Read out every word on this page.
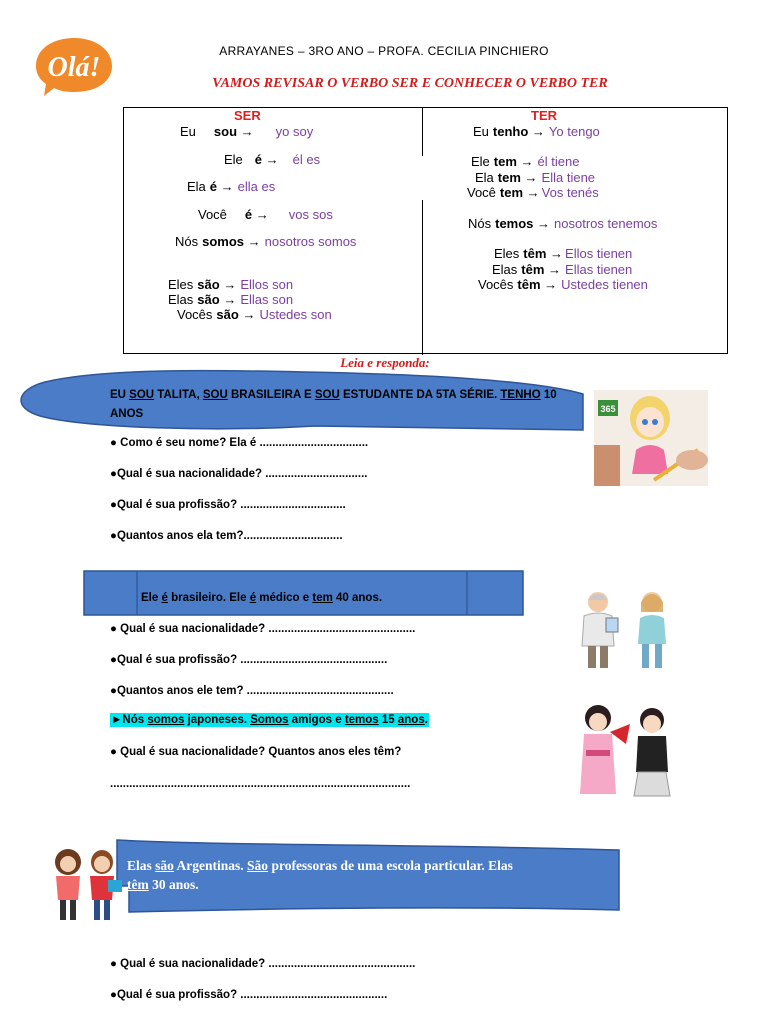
Olá!
ARRAYANES – 3RO ANO – PROFA. CECILIA PINCHIERO
VAMOS REVISAR O VERBO SER E CONHECER O VERBO TER
SER	TER
Eu sou → yo soy
Ele é → él es
Ela é → ella es
Você é → vos sos
Nós somos → nosotros somos
Eles são → Ellos son
Elas são → Ellas son
Vocês são → Ustedes son
Eu tenho → Yo tengo
Ele tem → él tiene
Ela tem → Ella tiene
Você tem → Vos tenés
Nós temos → nosotros tenemos
Eles têm → Ellos tienen
Elas têm → Ellas tienen
Vocês têm → Ustedes tienen
Leia e responda:
EU SOU TALITA, SOU BRASILEIRA E SOU ESTUDANTE DA 5TA SÉRIE. TENHO 10
ANOS	365
● Como é seu nome? Ela é ..................................
●Qual é sua nacionalidade? ................................
●Qual é sua profissão? .................................
●Quantos anos ela tem?...............................
Ele é brasileiro. Ele é médico e tem 40 anos.
● Qual é sua nacionalidade? ..............................................
●Qual é sua profissão? ..............................................
●Quantos anos ele tem? ..............................................
►Nós somos japoneses. Somos amigos e temos 15 anos.
● Qual é sua nacionalidade? Quantos anos eles têm?
..............................................................................................
Elas são Argentinas. São professoras de uma escola particular. Elas
têm 30 anos.
● Qual é sua nacionalidade? ..............................................
●Qual é sua profissão? ..............................................
